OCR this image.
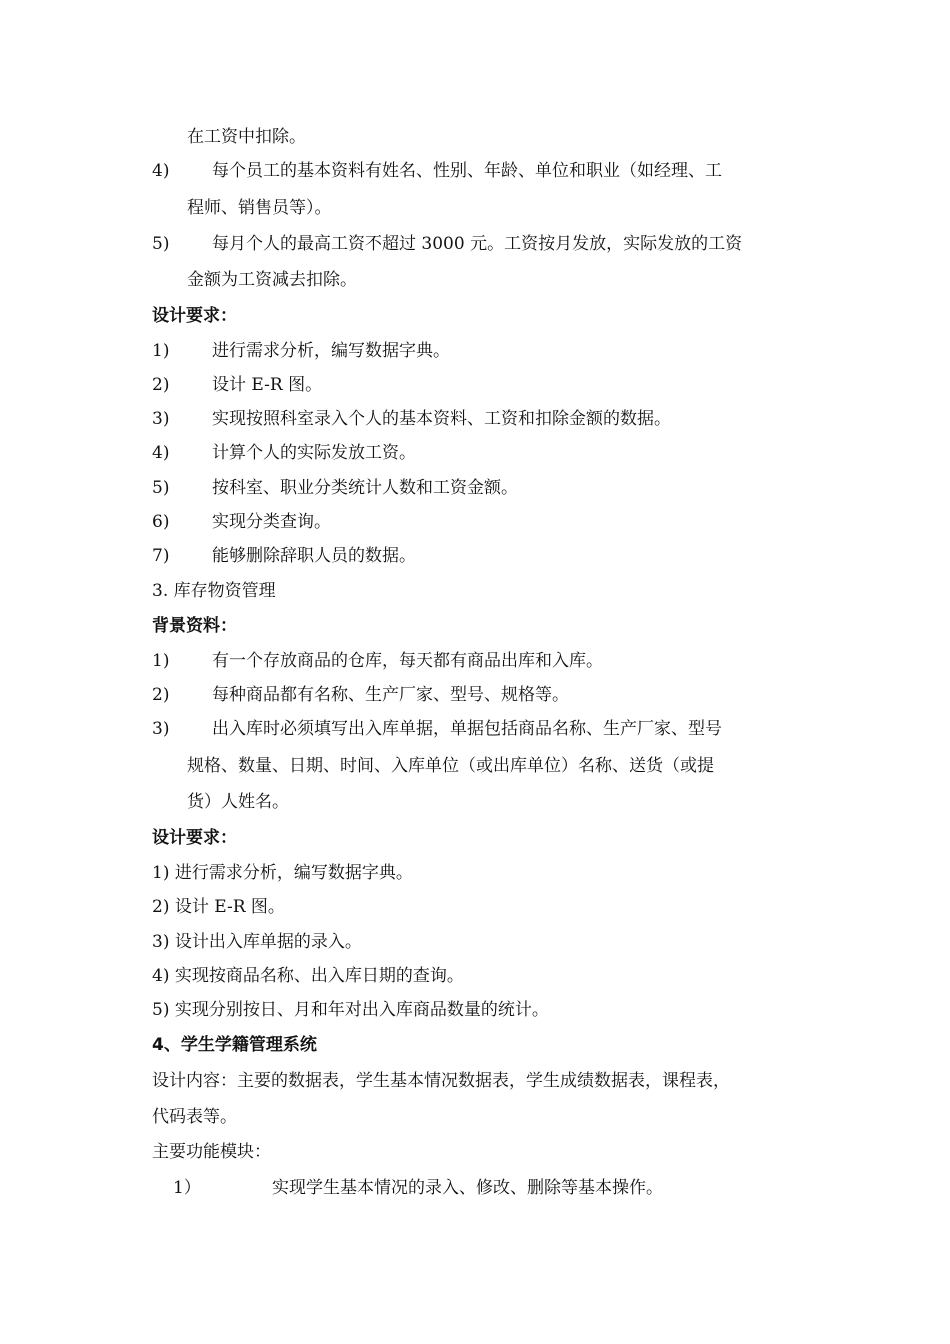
在工资中扣除。
4)	每个员工的基本资料有姓名、性别、年龄、单位和职业（如经理、工
程师、销售员等）。
5)	每月个人的最高工资不超过 3000 元。工资按月发放，实际发放的工资
金额为工资减去扣除。
设计要求：
1)	进行需求分析，编写数据字典。
2)	设计 E-R 图。
3)	实现按照科室录入个人的基本资料、工资和扣除金额的数据。
4)	计算个人的实际发放工资。
5)	按科室、职业分类统计人数和工资金额。
6)	实现分类查询。
7)	能够删除辞职人员的数据。
3. 库存物资管理
背景资料：
1)	有一个存放商品的仓库，每天都有商品出库和入库。
2)	每种商品都有名称、生产厂家、型号、规格等。
3)	出入库时必须填写出入库单据，单据包括商品名称、生产厂家、型号
规格、数量、日期、时间、入库单位（或出库单位）名称、送货（或提
货）人姓名。
设计要求：
1) 进行需求分析，编写数据字典。
2) 设计 E-R 图。
3) 设计出入库单据的录入。
4) 实现按商品名称、出入库日期的查询。
5) 实现分别按日、月和年对出入库商品数量的统计。
4、学生学籍管理系统
设计内容：主要的数据表，学生基本情况数据表，学生成绩数据表，课程表，
代码表等。
主要功能模块：
1）	实现学生基本情况的录入、修改、删除等基本操作。
